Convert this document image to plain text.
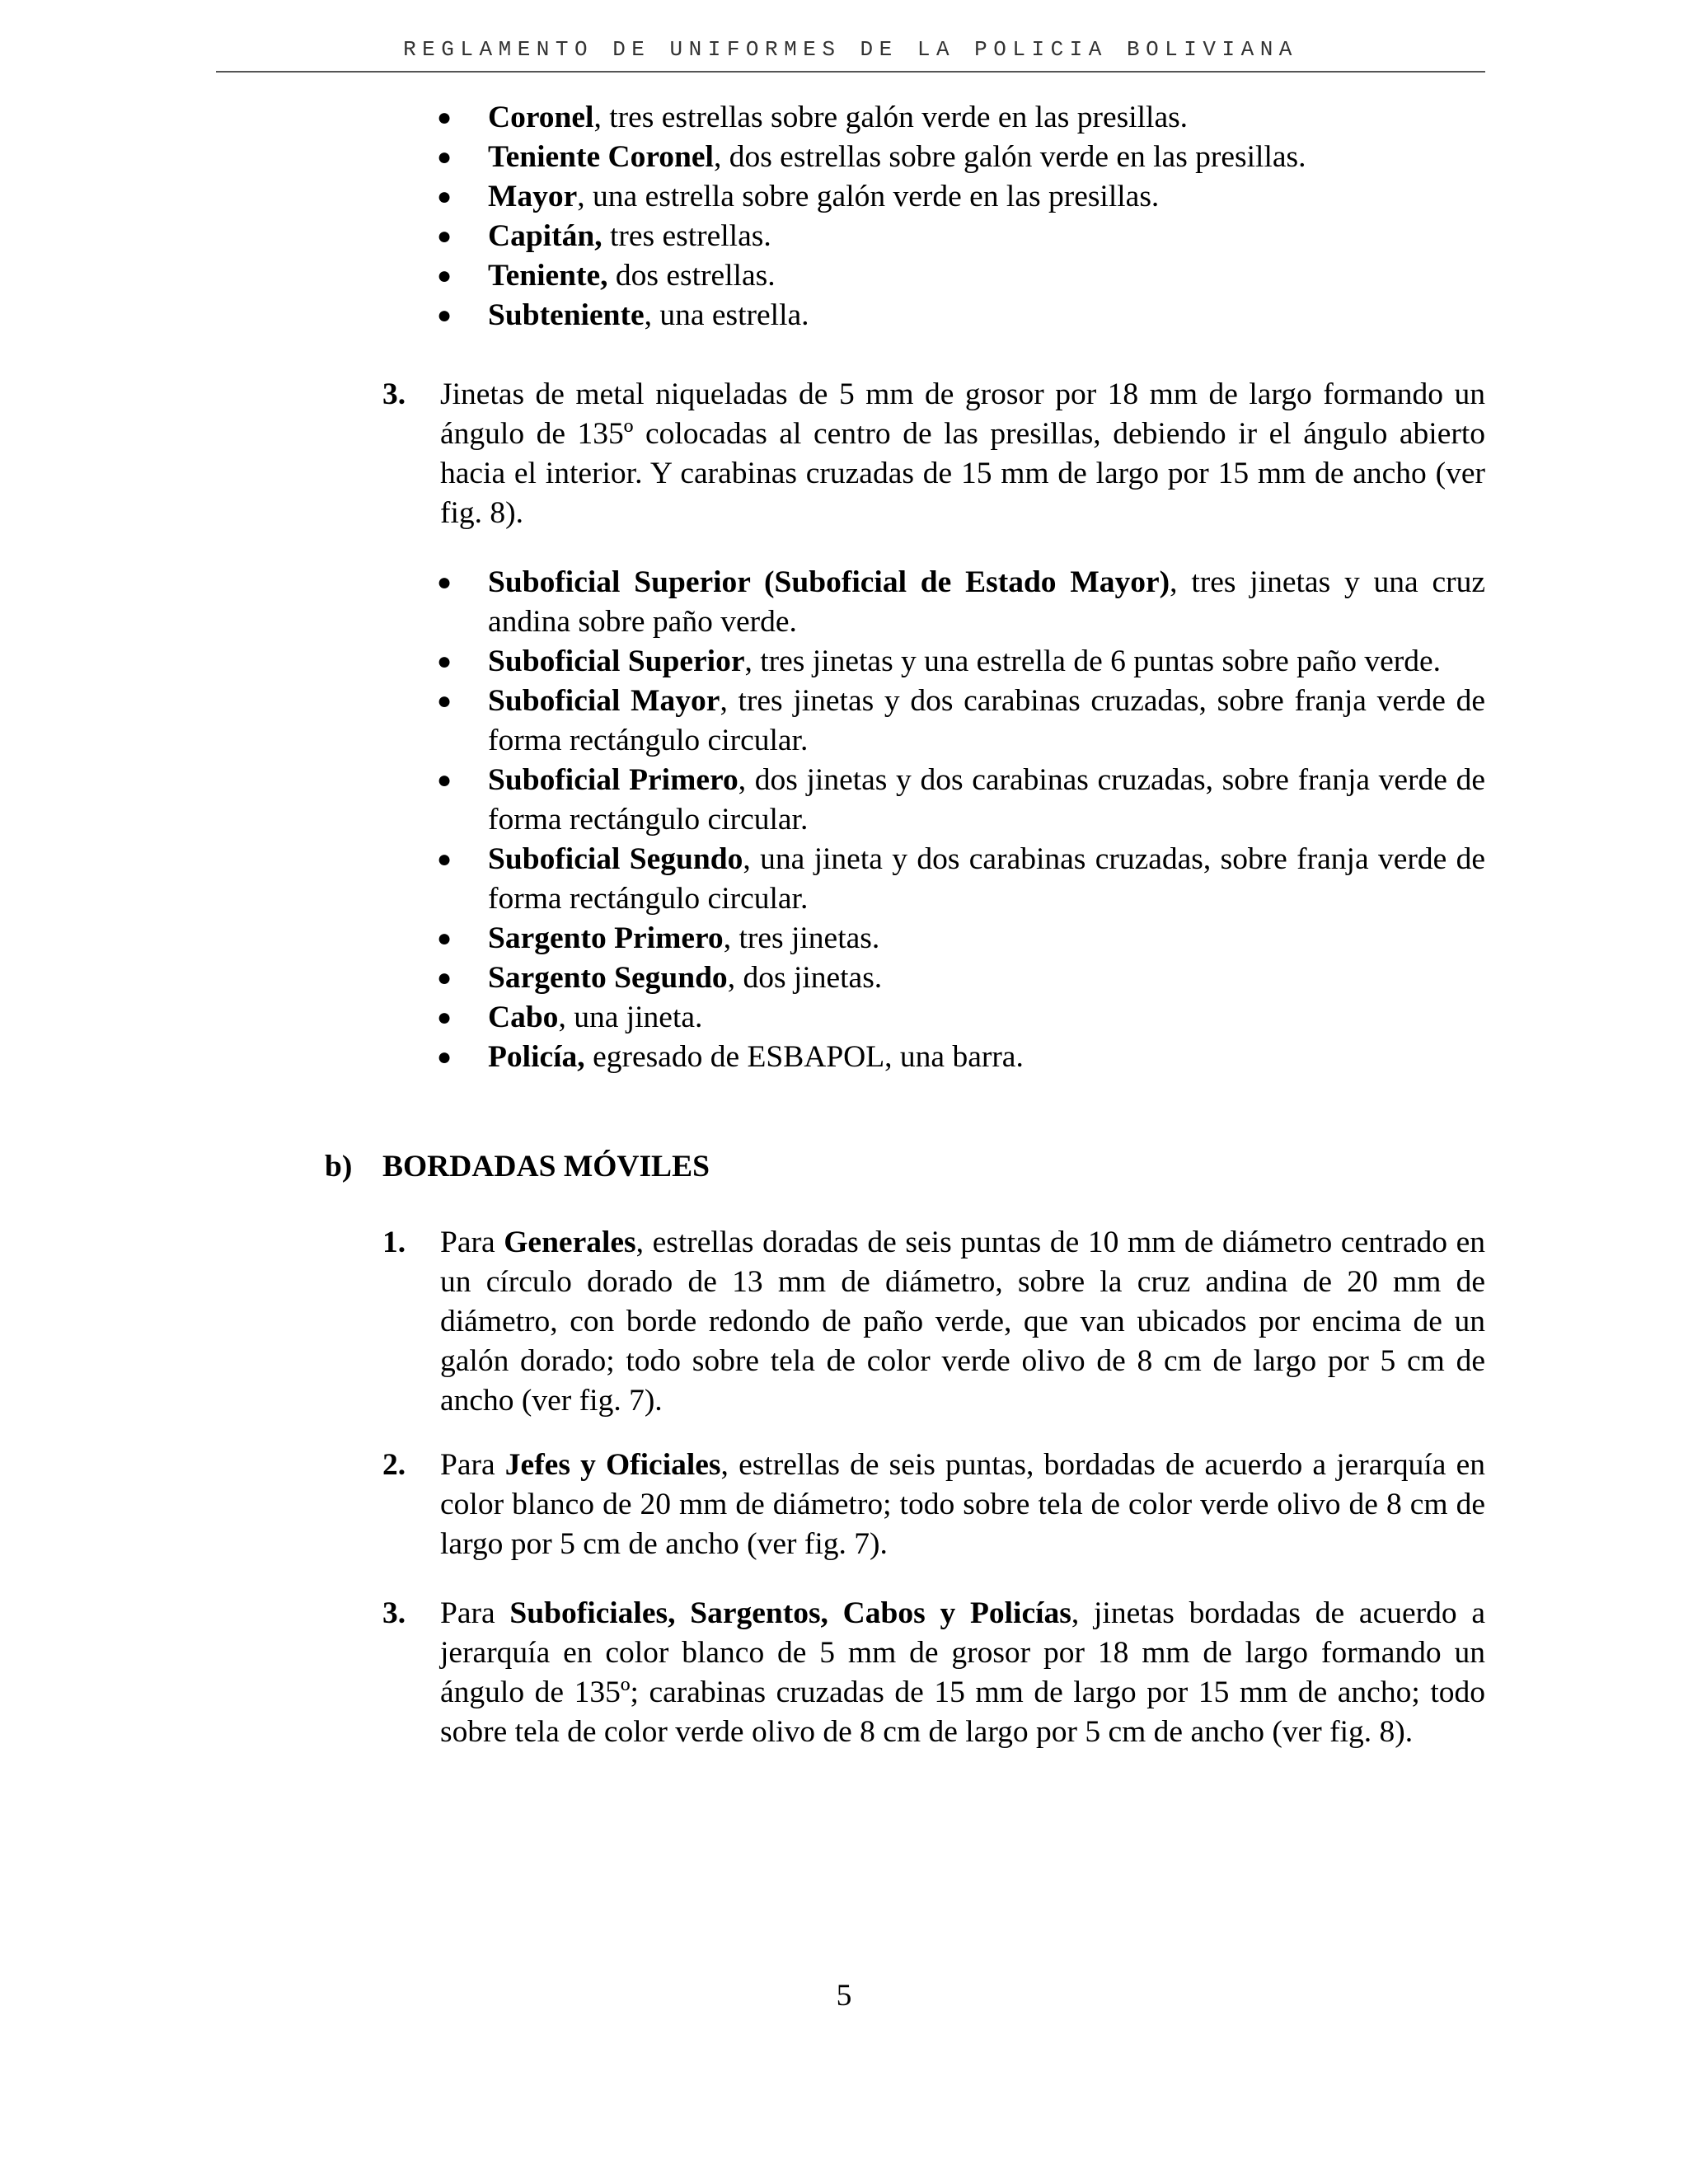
REGLAMENTO DE UNIFORMES DE LA POLICIA BOLIVIANA
●	Coronel, tres estrellas sobre galón verde en las presillas.
●	Teniente Coronel, dos estrellas sobre galón verde en las presillas.
●	Mayor, una estrella sobre galón verde en las presillas.
●	Capitán, tres estrellas.
●	Teniente, dos estrellas.
●	Subteniente, una estrella.
3. Jinetas de metal niqueladas de 5 mm de grosor por 18 mm de largo formando un ángulo de 135º colocadas al centro de las presillas, debiendo ir el ángulo abierto hacia el interior. Y carabinas cruzadas de 15 mm de largo por 15 mm de ancho (ver fig. 8).
●	Suboficial Superior (Suboficial de Estado Mayor), tres jinetas y una cruz andina sobre paño verde.
●	Suboficial Superior, tres jinetas y una estrella de 6 puntas sobre paño verde.
●	Suboficial Mayor, tres jinetas y dos carabinas cruzadas, sobre franja verde de forma rectángulo circular.
●	Suboficial Primero, dos jinetas y dos carabinas cruzadas, sobre franja verde de forma rectángulo circular.
●	Suboficial Segundo, una jineta y dos carabinas cruzadas, sobre franja verde de forma rectángulo circular.
●	Sargento Primero, tres jinetas.
●	Sargento Segundo, dos jinetas.
●	Cabo, una jineta.
●	Policía, egresado de ESBAPOL, una barra.
b) BORDADAS MÓVILES
1. Para Generales, estrellas doradas de seis puntas de 10 mm de diámetro centrado en un círculo dorado de 13 mm de diámetro, sobre la cruz andina de 20 mm de diámetro, con borde redondo de paño verde, que van ubicados por encima de un galón dorado; todo sobre tela de color verde olivo de 8 cm de largo por 5 cm de ancho (ver fig. 7).
2. Para Jefes y Oficiales, estrellas de seis puntas, bordadas de acuerdo a jerarquía en color blanco de 20 mm de diámetro; todo sobre tela de color verde olivo de 8 cm de largo por 5 cm de ancho (ver fig. 7).
3. Para Suboficiales, Sargentos, Cabos y Policías, jinetas bordadas de acuerdo a jerarquía en color blanco de 5 mm de grosor por 18 mm de largo formando un ángulo de 135º; carabinas cruzadas de 15 mm de largo por 15 mm de ancho; todo sobre tela de color verde olivo de 8 cm de largo por 5 cm de ancho (ver fig. 8).
5
